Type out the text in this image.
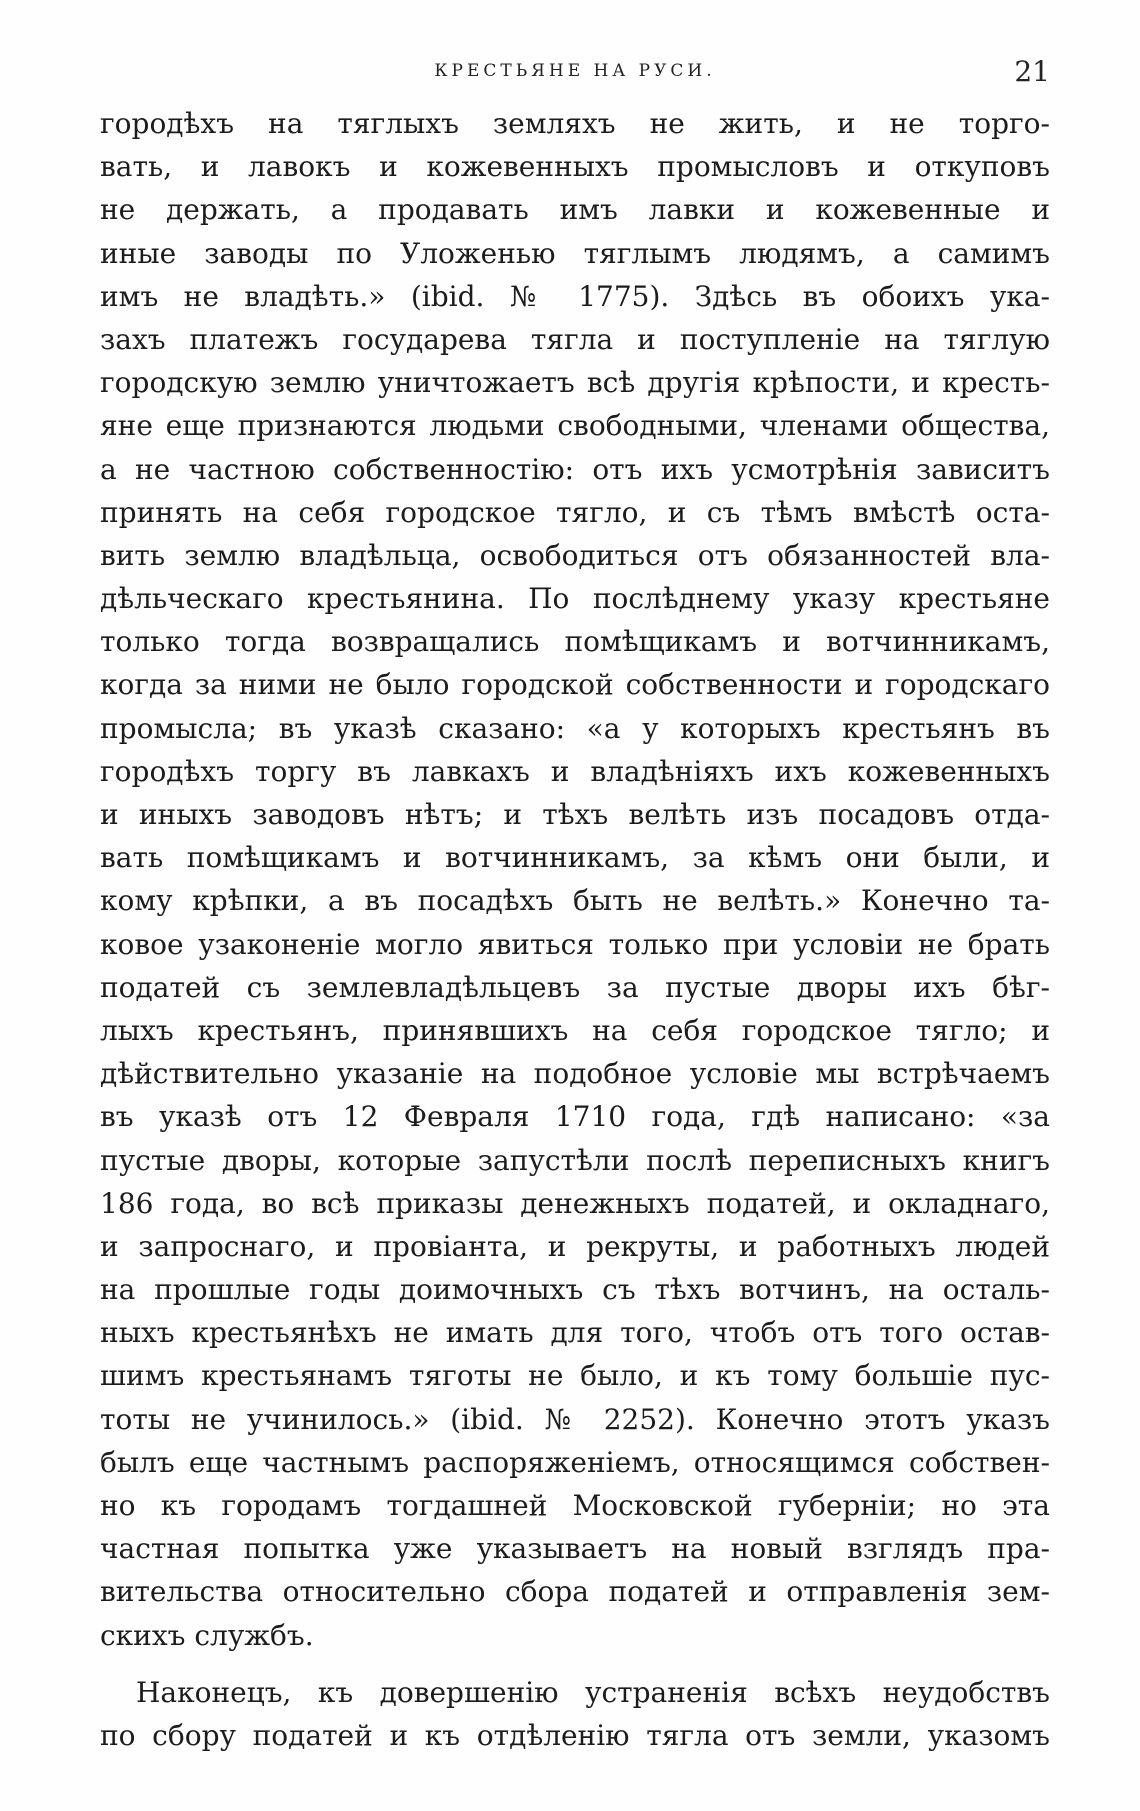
КРЕСТЬЯНЕ НА РУСИ.	21
городѣхъ на тяглыхъ земляхъ не жить, и не торго-
вать, и лавокъ и кожевенныхъ промысловъ и откуповъ
не держать, а продавать имъ лавки и кожевенные и
иные заводы по Уложенью тяглымъ людямъ, а самимъ
имъ не владѣть.» (ibid. № 1775). Здѣсь въ обоихъ ука-
захъ платежъ государева тягла и поступленіе на тяглую
городскую землю уничтожаетъ всѣ другія крѣпости, и кресть-
яне еще признаются людьми свободными, членами общества,
а не частною собственностію: отъ ихъ усмотрѣнія зависитъ
принять на себя городское тягло, и съ тѣмъ вмѣстѣ оста-
вить землю владѣльца, освободиться отъ обязанностей вла-
дѣльческаго крестьянина. По послѣднему указу крестьяне
только тогда возвращались помѣщикамъ и вотчинникамъ,
когда за ними не было городской собственности и городскаго
промысла; въ указѣ сказано: «а у которыхъ крестьянъ въ
городѣхъ торгу въ лавкахъ и владѣніяхъ ихъ кожевенныхъ
и иныхъ заводовъ нѣтъ; и тѣхъ велѣть изъ посадовъ отда-
вать помѣщикамъ и вотчинникамъ, за кѣмъ они были, и
кому крѣпки, а въ посадѣхъ быть не велѣть.» Конечно та-
ковое узаконеніе могло явиться только при условіи не брать
податей съ землевладѣльцевъ за пустые дворы ихъ бѣг-
лыхъ крестьянъ, принявшихъ на себя городское тягло; и
дѣйствительно указаніе на подобное условіе мы встрѣчаемъ
въ указѣ отъ 12 Февраля 1710 года, гдѣ написано: «за
пустые дворы, которые запустѣли послѣ переписныхъ книгъ
186 года, во всѣ приказы денежныхъ податей, и окладнаго,
и запроснаго, и провіанта, и рекруты, и работныхъ людей
на прошлые годы доимочныхъ съ тѣхъ вотчинъ, на осталь-
ныхъ крестьянѣхъ не имать для того, чтобъ отъ того остав-
шимъ крестьянамъ тяготы не было, и къ тому большіе пус-
тоты не учинилось.» (ibid. № 2252). Конечно этотъ указъ
былъ еще частнымъ распоряженіемъ, относящимся собствен-
но къ городамъ тогдашней Московской губерніи; но эта
частная попытка уже указываетъ на новый взглядъ пра-
вительства относительно сбора податей и отправленія зем-
скихъ службъ.
Наконецъ, къ довершенію устраненія всѣхъ неудобствъ
по сбору податей и къ отдѣленію тягла отъ земли, указомъ
